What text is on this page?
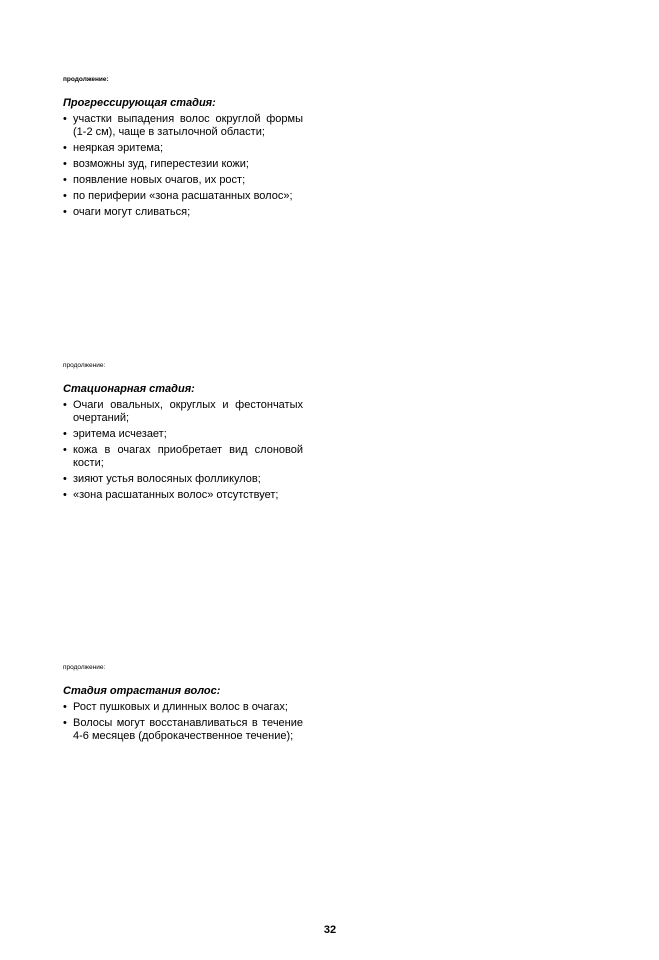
продолжение:
Прогрессирующая стадия:
• участки выпадения волос округлой формы (1-2 см), чаще в затылочной области;
• неяркая эритема;
• возможны зуд, гиперестезии кожи;
• появление новых очагов, их рост;
• по периферии «зона расшатанных волос»;
• очаги могут сливаться;
продолжение:
Стационарная стадия:
• Очаги овальных, округлых и фестончатых очертаний;
• эритема исчезает;
• кожа в очагах приобретает вид слоновой кости;
• зияют устья волосяных фолликулов;
• «зона расшатанных волос» отсутствует;
продолжение:
Стадия отрастания волос:
• Рост пушковых и длинных волос в очагах;
• Волосы могут восстанавливаться в течение 4-6 месяцев (доброкачественное течение);
32
